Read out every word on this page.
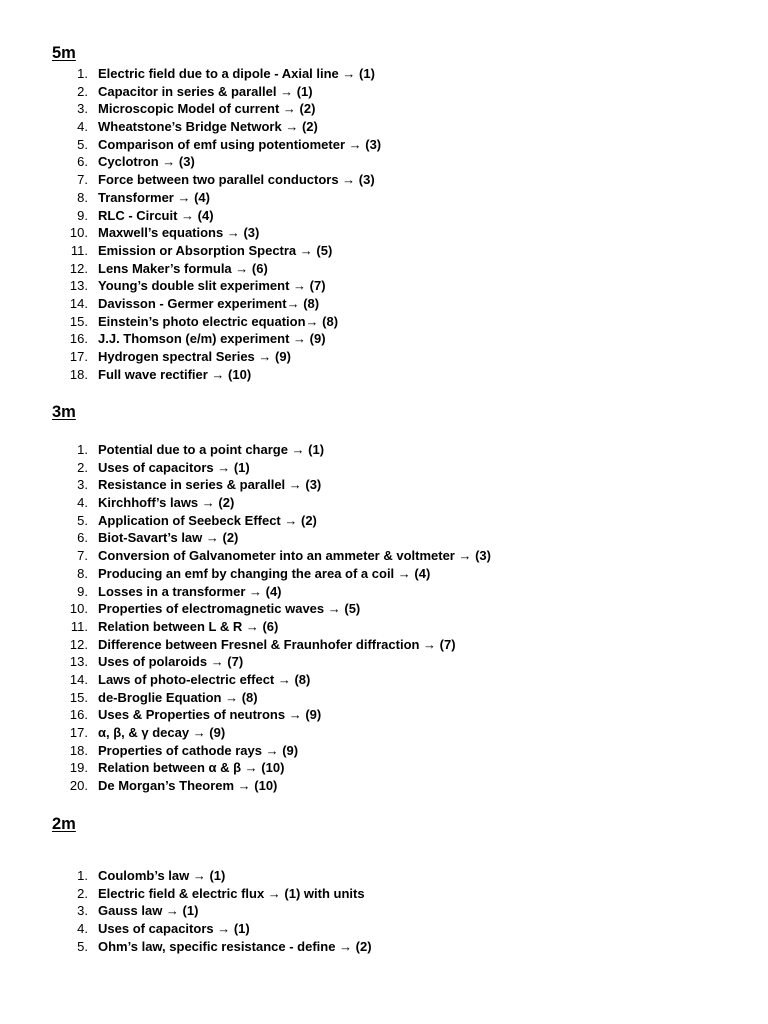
5m
1. Electric field due to a dipole - Axial line → (1)
2. Capacitor in series & parallel → (1)
3. Microscopic Model of current → (2)
4. Wheatstone’s Bridge Network → (2)
5. Comparison of emf using potentiometer → (3)
6. Cyclotron → (3)
7. Force between two parallel conductors → (3)
8. Transformer → (4)
9. RLC - Circuit → (4)
10. Maxwell’s equations → (3)
11. Emission or Absorption Spectra → (5)
12. Lens Maker’s formula → (6)
13. Young’s double slit experiment → (7)
14. Davisson - Germer experiment→ (8)
15. Einstein’s photo electric equation→ (8)
16. J.J. Thomson (e/m) experiment → (9)
17. Hydrogen spectral Series → (9)
18. Full wave rectifier → (10)
3m
1. Potential due to a point charge → (1)
2. Uses of capacitors → (1)
3. Resistance in series & parallel → (3)
4. Kirchhoff’s laws → (2)
5. Application of Seebeck Effect → (2)
6. Biot-Savart’s law → (2)
7. Conversion of Galvanometer into an ammeter & voltmeter → (3)
8. Producing an emf by changing the area of a coil → (4)
9. Losses in a transformer → (4)
10. Properties of electromagnetic waves → (5)
11. Relation between L & R → (6)
12. Difference between Fresnel & Fraunhofer diffraction → (7)
13. Uses of polaroids → (7)
14. Laws of photo-electric effect → (8)
15. de-Broglie Equation → (8)
16. Uses & Properties of neutrons → (9)
17. α, β, & γ decay → (9)
18. Properties of cathode rays → (9)
19. Relation between α & β → (10)
20. De Morgan’s Theorem → (10)
2m
1. Coulomb’s law → (1)
2. Electric field & electric flux → (1) with units
3. Gauss law → (1)
4. Uses of capacitors → (1)
5. Ohm’s law, specific resistance - define → (2)
